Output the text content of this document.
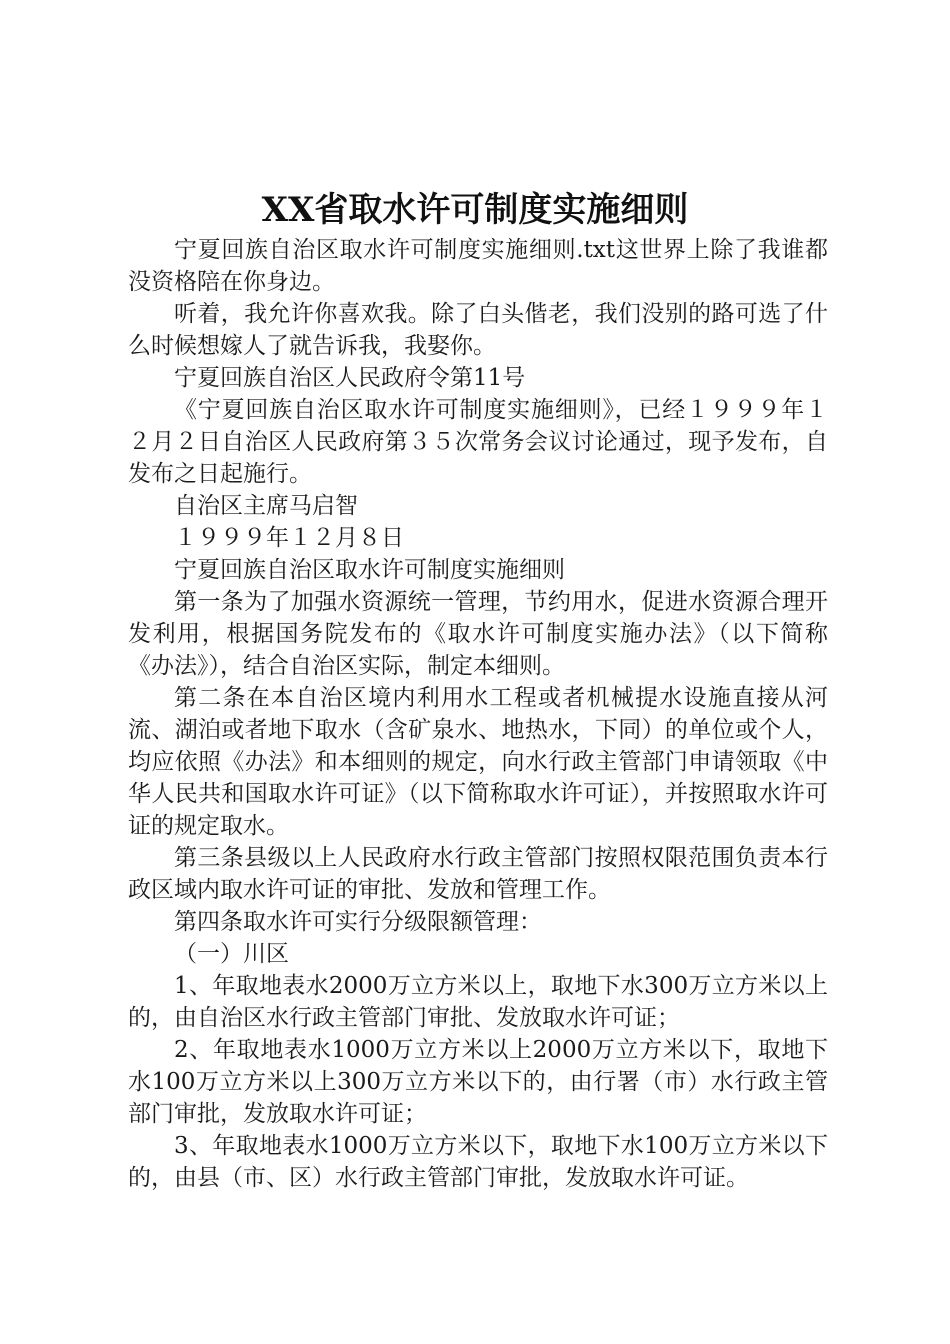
XX省取水许可制度实施细则

宁夏回族自治区取水许可制度实施细则.txt这世界上除了我谁都没资格陪在你身边。

听着，我允许你喜欢我。除了白头偕老，我们没别的路可选了什么时候想嫁人了就告诉我，我娶你。

宁夏回族自治区人民政府令第11号

《宁夏回族自治区取水许可制度实施细则》，已经１９９９年１２月２日自治区人民政府第３５次常务会议讨论通过，现予发布，自发布之日起施行。

自治区主席马启智

１９９９年１２月８日

宁夏回族自治区取水许可制度实施细则

第一条为了加强水资源统一管理，节约用水，促进水资源合理开发利用，根据国务院发布的《取水许可制度实施办法》（以下简称《办法》），结合自治区实际，制定本细则。

第二条在本自治区境内利用水工程或者机械提水设施直接从河流、湖泊或者地下取水（含矿泉水、地热水，下同）的单位或个人，均应依照《办法》和本细则的规定，向水行政主管部门申请领取《中华人民共和国取水许可证》（以下简称取水许可证），并按照取水许可证的规定取水。

第三条县级以上人民政府水行政主管部门按照权限范围负责本行政区域内取水许可证的审批、发放和管理工作。

第四条取水许可实行分级限额管理：

（一）川区

1、年取地表水2000万立方米以上，取地下水300万立方米以上的，由自治区水行政主管部门审批、发放取水许可证；

2、年取地表水1000万立方米以上2000万立方米以下，取地下水100万立方米以上300万立方米以下的，由行署（市）水行政主管部门审批，发放取水许可证；

3、年取地表水1000万立方米以下，取地下水100万立方米以下的，由县（市、区）水行政主管部门审批，发放取水许可证。
